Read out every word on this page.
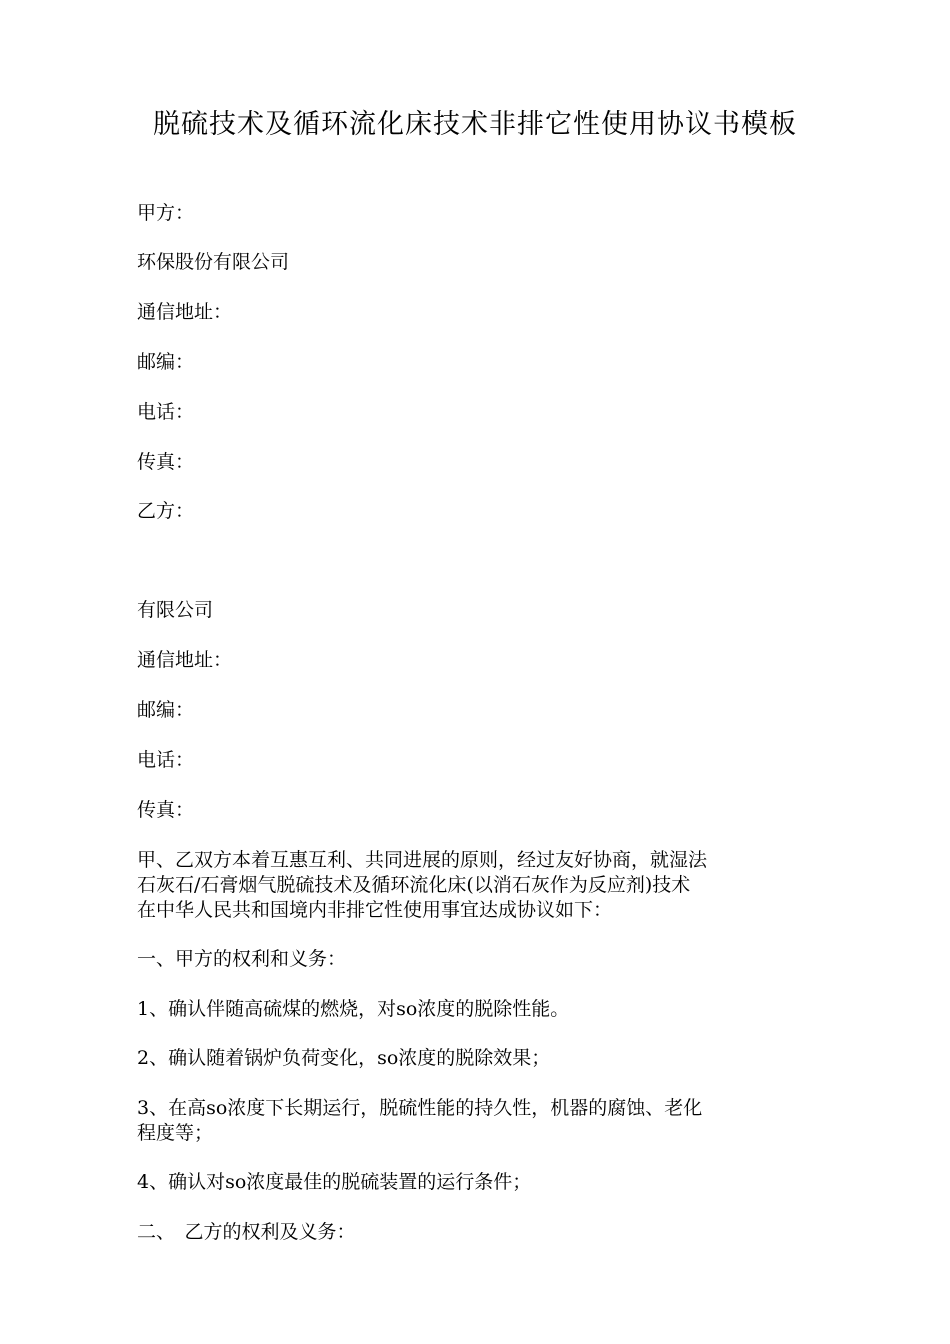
脱硫技术及循环流化床技术非排它性使用协议书模板
甲方：
环保股份有限公司
通信地址：
邮编：
电话：
传真：
乙方：
有限公司
通信地址：
邮编：
电话：
传真：
甲、乙双方本着互惠互利、共同进展的原则，经过友好协商，就湿法
石灰石/石膏烟气脱硫技术及循环流化床(以消石灰作为反应剂)技术
在中华人民共和国境内非排它性使用事宜达成协议如下：
一、甲方的权利和义务：
1、确认伴随高硫煤的燃烧，对so浓度的脱除性能。
2、确认随着锅炉负荷变化，so浓度的脱除效果；
3、在高so浓度下长期运行，脱硫性能的持久性，机器的腐蚀、老化
程度等；
4、确认对so浓度最佳的脱硫装置的运行条件；
二、　乙方的权利及义务：
